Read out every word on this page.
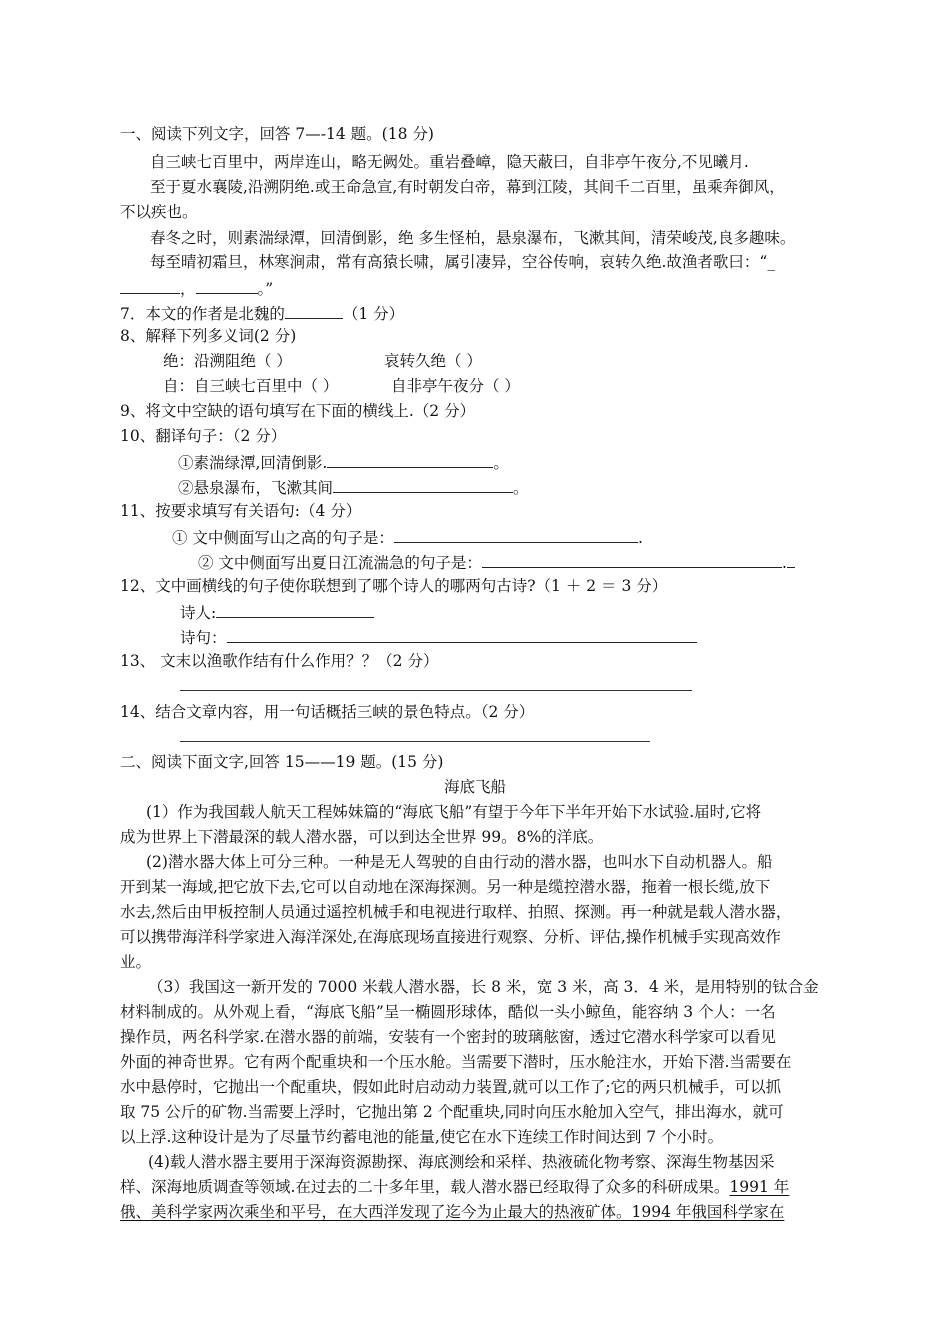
一、阅读下列文字，回答 7—-14 题。(18 分)
自三峡七百里中，两岸连山，略无阙处。重岩叠嶂，隐天蔽曰，自非亭午夜分,不见曦月.
至于夏水襄陵,沿溯阴绝.或王命急宣,有时朝发白帝，幕到江陵，其间千二百里，虽乘奔御风，
不以疾也。
春冬之时，则素湍绿潭，回清倒影，绝 多生怪柏，悬泉瀑布，飞漱其间，清荣峻茂,良多趣味。
每至晴初霜旦，林寒涧肃，常有高猿长啸，属引凄异，空谷传响，哀转久绝.故渔者歌曰：“_
，	。”
7．本文的作者是北魏的	（1 分）
8、解释下列多义词(2 分)
绝：沿溯阻绝（ ）	哀转久绝（ ）
自：自三峡七百里中（ ）	自非亭午夜分（ ）
9、将文中空缺的语句填写在下面的横线上.（2 分）
10、翻译句子：（2 分）
①素湍绿潭,回清倒影.	。
②悬泉瀑布，飞漱其间	。
11、按要求填写有关语句:（4 分）
① 文中侧面写山之高的句子是：	.
② 文中侧面写出夏日江流湍急的句子是：	.
12、文中画横线的句子使你联想到了哪个诗人的哪两句古诗?（1 ＋ 2 ＝ 3 分）
诗人:
诗句：
13、 文末以渔歌作结有什么作用？？（2 分）
14、结合文章内容，用一句话概括三峡的景色特点。（2 分）
二、阅读下面文字,回答 15——19 题。(15 分)
海底飞船
(1）作为我国载人航天工程姊妹篇的“海底飞船”有望于今年下半年开始下水试验.届时,它将
成为世界上下潜最深的载人潜水器，可以到达全世界 99。8%的洋底。
(2)潜水器大体上可分三种。一种是无人驾驶的自由行动的潜水器，也叫水下自动机器人。船
开到某一海域,把它放下去,它可以自动地在深海探测。另一种是缆控潜水器，拖着一根长缆,放下
水去,然后由甲板控制人员通过遥控机械手和电视进行取样、拍照、探测。再一种就是载人潜水器，
可以携带海洋科学家进入海洋深处,在海底现场直接进行观察、分析、评估,操作机械手实现高效作
业。
（3）我国这一新开发的 7000 米载人潜水器，长 8 米，宽 3 米，高 3．4 米，是用特别的钛合金
材料制成的。从外观上看，“海底飞船”呈一椭圆形球体，酷似一头小鲸鱼，能容纳 3 个人：一名
操作员，两名科学家.在潜水器的前端，安装有一个密封的玻璃舷窗，透过它潜水科学家可以看见
外面的神奇世界。它有两个配重块和一个压水舱。当需要下潜时，压水舱注水，开始下潜.当需要在
水中悬停时，它抛出一个配重块，假如此时启动动力装置,就可以工作了;它的两只机械手，可以抓
取 75 公斤的矿物.当需要上浮时，它抛出第 2 个配重块,同时向压水舱加入空气，排出海水，就可
以上浮.这种设计是为了尽量节约蓄电池的能量,使它在水下连续工作时间达到 7 个小时。
(4)载人潜水器主要用于深海资源勘探、海底测绘和采样、热液硫化物考察、深海生物基因采
样、深海地质调查等领域.在过去的二十多年里，载人潜水器已经取得了众多的科研成果。1991 年
俄、美科学家两次乘坐和平号，在大西洋发现了迄今为止最大的热液矿体。1994 年俄国科学家在
